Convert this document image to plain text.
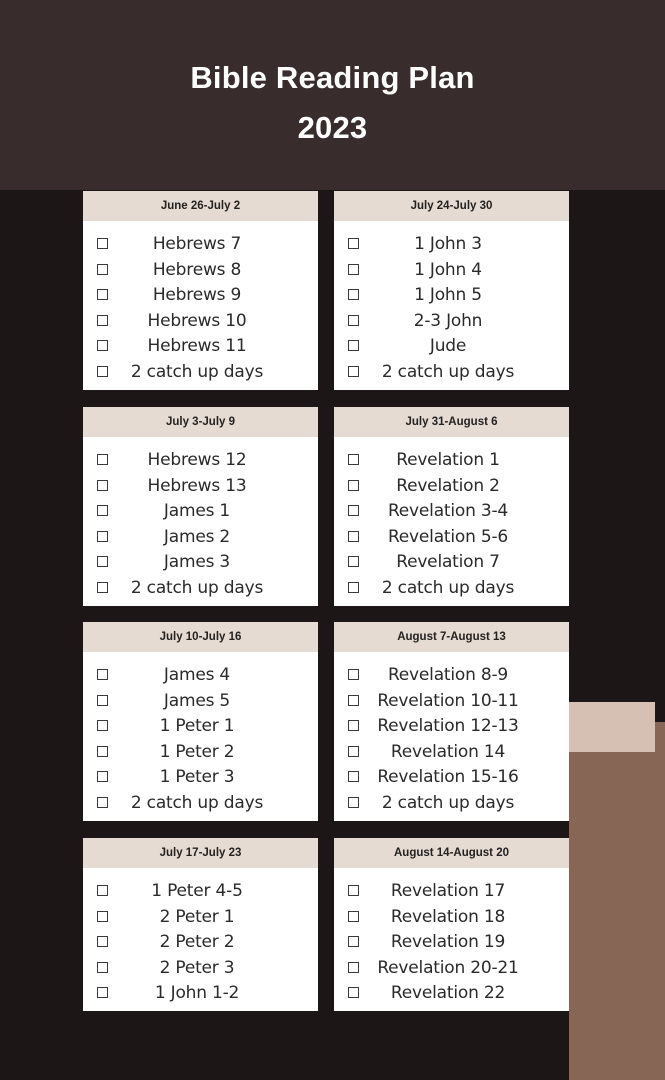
Bible Reading Plan
2023
June 26-July 2
Hebrews 7
Hebrews 8
Hebrews 9
Hebrews 10
Hebrews 11
2 catch up days
July 24-July 30
1 John 3
1 John 4
1 John 5
2-3 John
Jude
2 catch up days
July 3-July 9
Hebrews 12
Hebrews 13
James 1
James 2
James 3
2 catch up days
July 31-August 6
Revelation 1
Revelation 2
Revelation 3-4
Revelation 5-6
Revelation 7
2 catch up days
July 10-July 16
James 4
James 5
1 Peter 1
1 Peter 2
1 Peter 3
2 catch up days
August 7-August 13
Revelation 8-9
Revelation 10-11
Revelation 12-13
Revelation 14
Revelation 15-16
2 catch up days
July 17-July 23
1 Peter 4-5
2 Peter 1
2 Peter 2
2 Peter 3
1 John 1-2
August 14-August 20
Revelation 17
Revelation 18
Revelation 19
Revelation 20-21
Revelation 22
